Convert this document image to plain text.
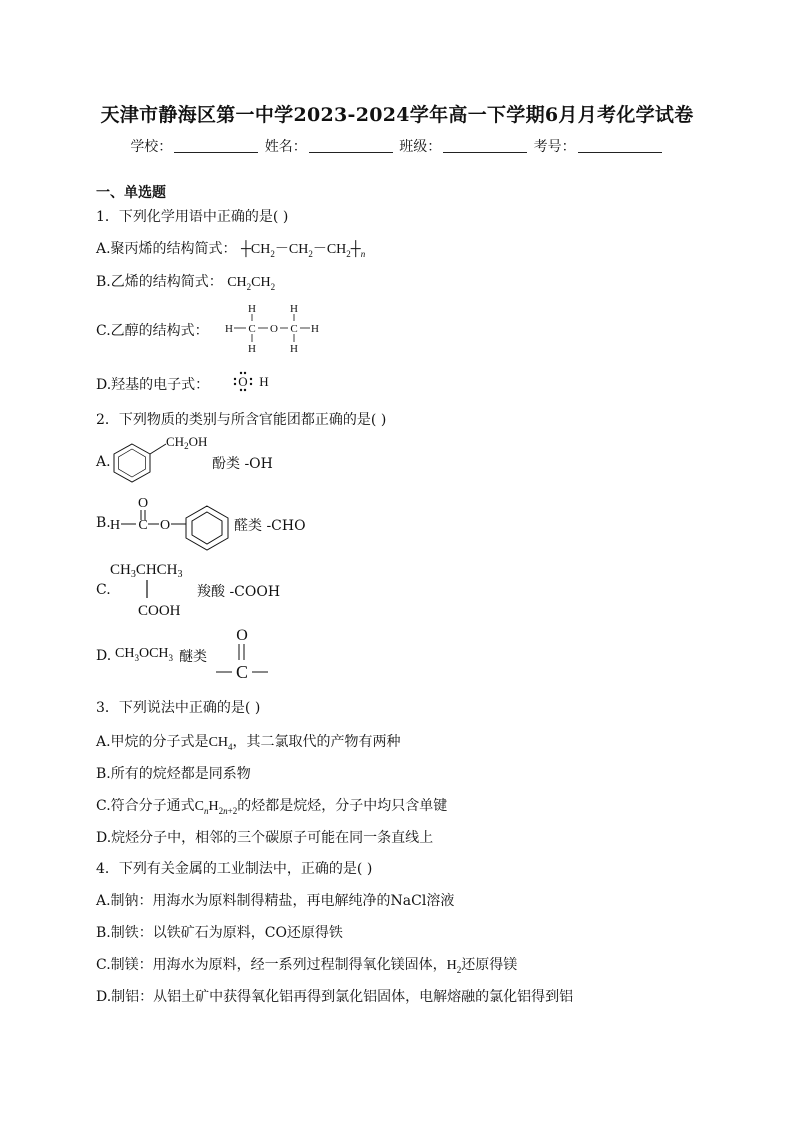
天津市静海区第一中学2023-2024学年高一下学期6月月考化学试卷
学校：	姓名：	班级：	考号：
一、单选题
1．下列化学用语中正确的是( )
A.聚丙烯的结构简式： $┼CH_2-CH_2-CH_2┼_n$
B.乙烯的结构简式： $CH_2CH_2$
C.乙醇的结构式： H
H
C
H
O
H
C
H
H
D.羟基的电子式： O H
2．下列物质的类别与所含官能团都正确的是( )
A.
$CH_2OH$
酚类 -OH
B. H
O
O
C	醛类 -CHO
C.
$CH_3CHCH_3$
COOH
羧酸 -COOH
D. $CH_3OCH_3$ 醚类
O
C
3．下列说法中正确的是( )
A.甲烷的分子式是$CH_4$，其二氯取代的产物有两种
B.所有的烷烃都是同系物
C.符合分子通式$C_nH_{2n+2}$的烃都是烷烃，分子中均只含单键
D.烷烃分子中，相邻的三个碳原子可能在同一条直线上
4．下列有关金属的工业制法中，正确的是( )
A.制钠：用海水为原料制得精盐，再电解纯净的NaCl溶液
B.制铁：以铁矿石为原料，CO还原得铁
C.制镁：用海水为原料，经一系列过程制得氧化镁固体，$H_2$还原得镁
D.制铝：从铝土矿中获得氧化铝再得到氯化铝固体，电解熔融的氯化铝得到铝
